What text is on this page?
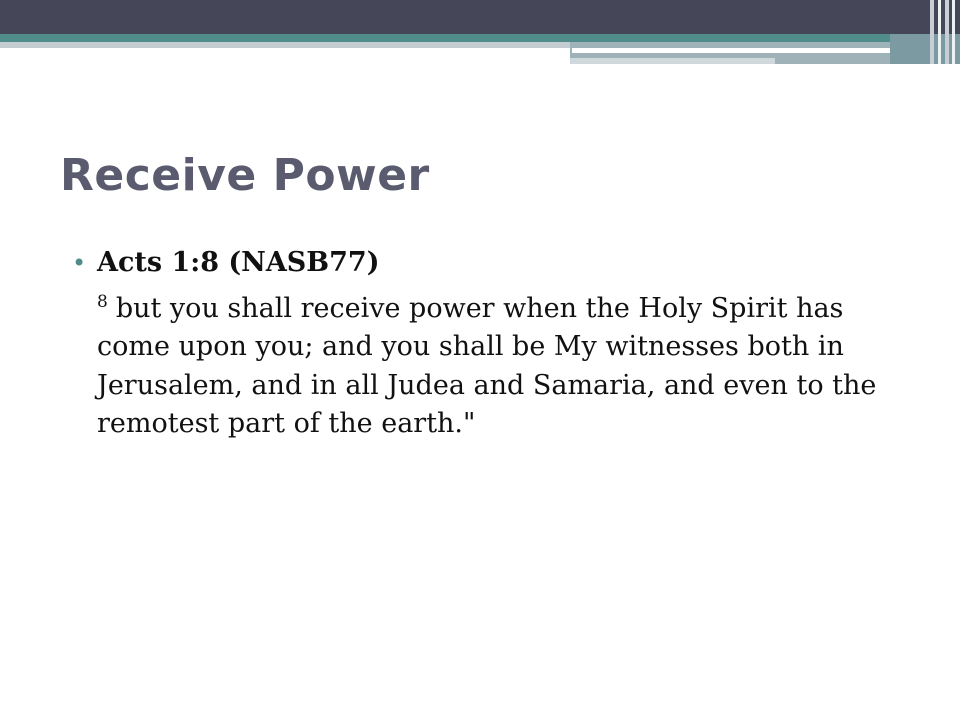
Receive Power
• Acts 1:8 (NASB77)
$^8$ but you shall receive power when the Holy Spirit has come upon you; and you shall be My witnesses both in Jerusalem, and in all Judea and Samaria, and even to the remotest part of the earth."
